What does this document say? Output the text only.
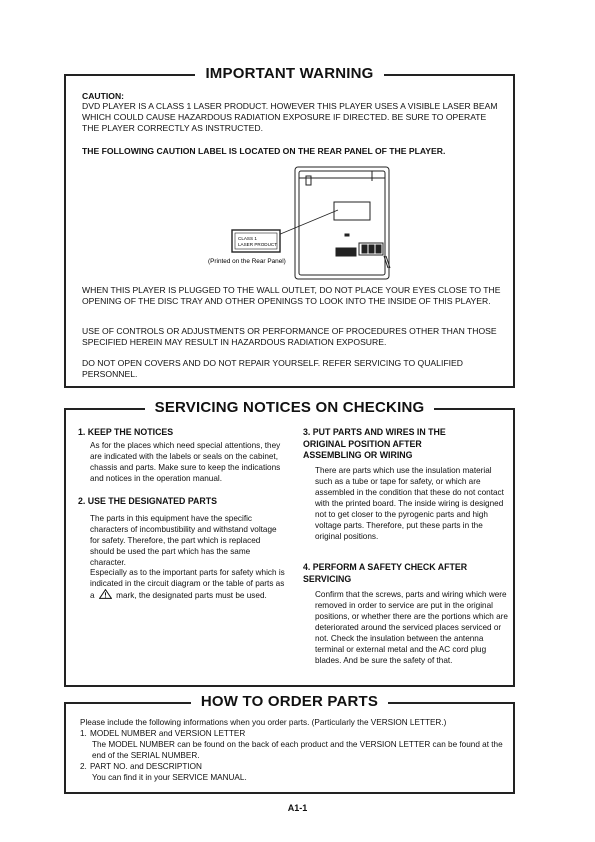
IMPORTANT WARNING
CAUTION:
DVD PLAYER IS A CLASS 1 LASER PRODUCT. HOWEVER THIS PLAYER USES A VISIBLE LASER BEAM WHICH COULD CAUSE HAZARDOUS RADIATION EXPOSURE IF DIRECTED. BE SURE TO OPERATE THE PLAYER CORRECTLY AS INSTRUCTED.
THE FOLLOWING CAUTION LABEL IS LOCATED ON THE REAR PANEL OF THE PLAYER.
CLASS 1
LASER PRODUCT
(Printed on the Rear Panel)
WHEN THIS PLAYER IS PLUGGED TO THE WALL OUTLET, DO NOT PLACE YOUR EYES CLOSE TO THE OPENING OF THE DISC TRAY AND OTHER OPENINGS TO LOOK INTO THE INSIDE OF THIS PLAYER.
USE OF CONTROLS OR ADJUSTMENTS OR PERFORMANCE OF PROCEDURES OTHER THAN THOSE SPECIFIED HEREIN MAY RESULT IN HAZARDOUS RADIATION EXPOSURE.
DO NOT OPEN COVERS AND DO NOT REPAIR YOURSELF. REFER SERVICING TO QUALIFIED PERSONNEL.
SERVICING NOTICES ON CHECKING
1. KEEP THE NOTICES
As for the places which need special attentions, they are indicated with the labels or seals on the cabinet, chassis and parts. Make sure to keep the indications and notices in the operation manual.
2. USE THE DESIGNATED PARTS
The parts in this equipment have the specific characters of incombustibility and withstand voltage for safety. Therefore, the part which is replaced should be used the part which has the same character.
Especially as to the important parts for safety which is indicated in the circuit diagram or the table of parts as a	mark, the designated parts must be used.
3. PUT PARTS AND WIRES IN THE ORIGINAL POSITION AFTER ASSEMBLING OR WIRING
There are parts which use the insulation material such as a tube or tape for safety, or which are assembled in the condition that these do not contact with the printed board. The inside wiring is designed not to get closer to the pyrogenic parts and high voltage parts. Therefore, put these parts in the original positions.
4. PERFORM A SAFETY CHECK AFTER SERVICING
Confirm that the screws, parts and wiring which were removed in order to service are put in the original positions, or whether there are the portions which are deteriorated around the serviced places serviced or not. Check the insulation between the antenna terminal or external metal and the AC cord plug blades. And be sure the safety of that.
HOW TO ORDER PARTS
Please include the following informations when you order parts. (Particularly the VERSION LETTER.)
1. MODEL NUMBER and VERSION LETTER
The MODEL NUMBER can be found on the back of each product and the VERSION LETTER can be found at the end of the SERIAL NUMBER.
2. PART NO. and DESCRIPTION
You can find it in your SERVICE MANUAL.
A1-1
